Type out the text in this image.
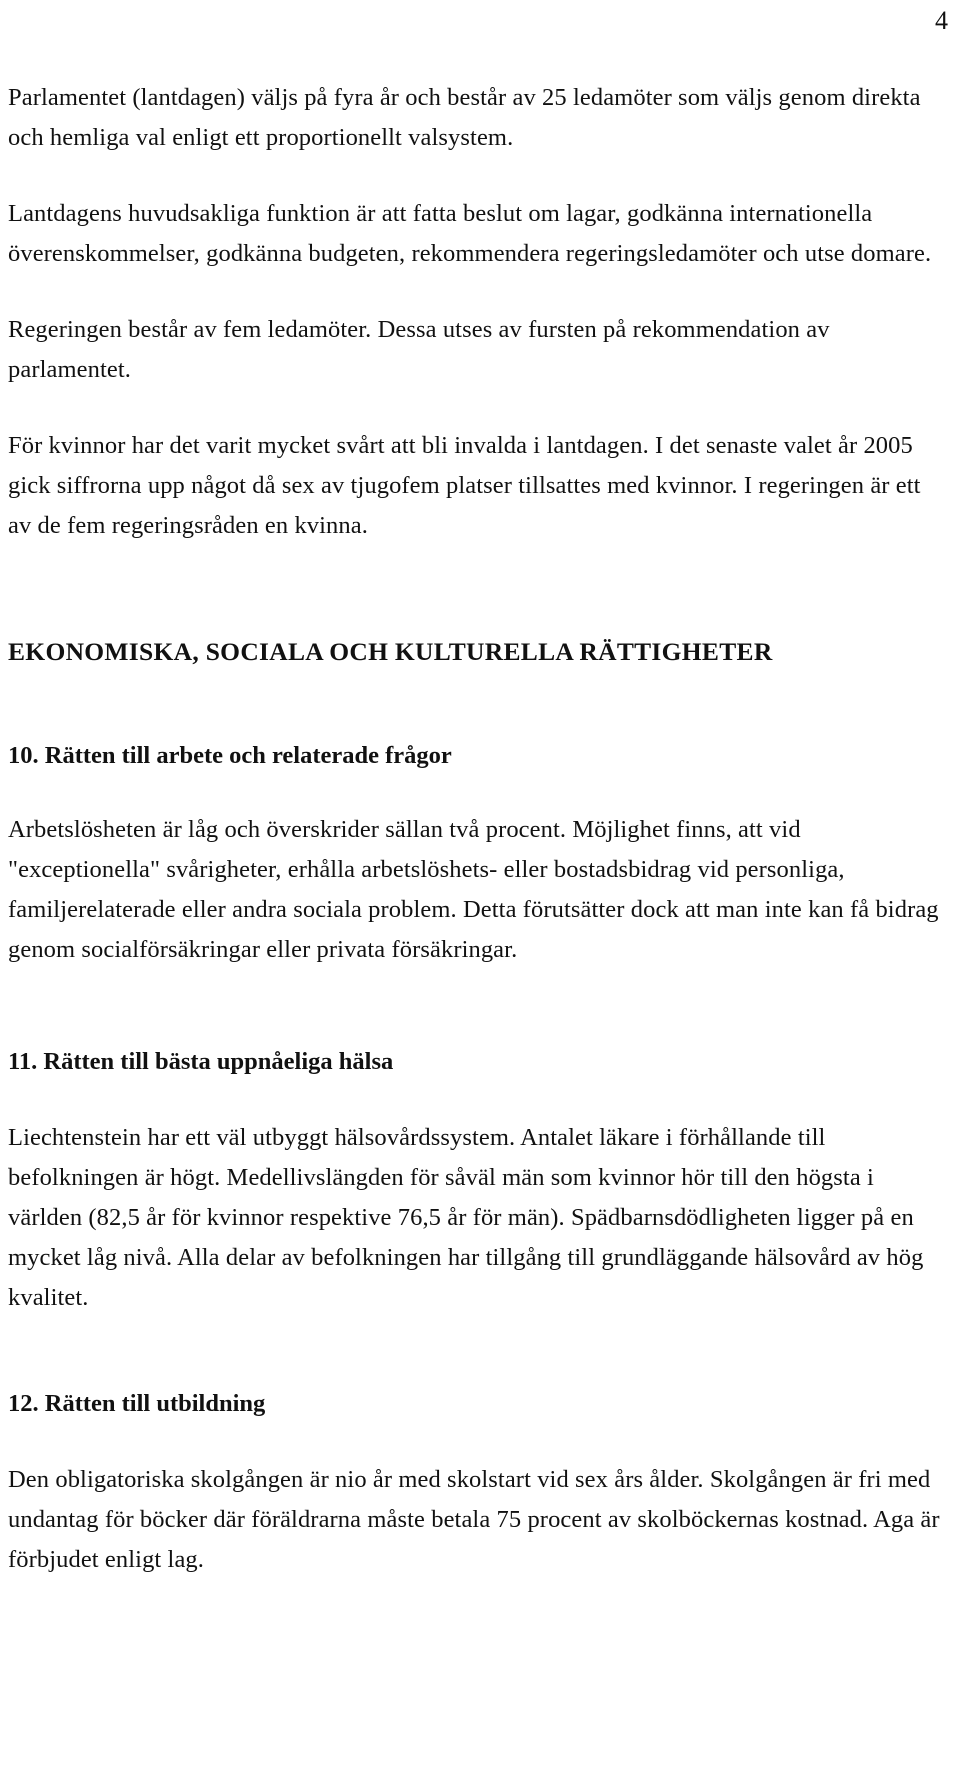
4

Parlamentet (lantdagen) väljs på fyra år och består av 25 ledamöter som väljs genom direkta och hemliga val enligt ett proportionellt valsystem.

Lantdagens huvudsakliga funktion är att fatta beslut om lagar, godkänna internationella överenskommelser, godkänna budgeten, rekommendera regeringsledamöter och utse domare.

Regeringen består av fem ledamöter. Dessa utses av fursten på rekommendation av parlamentet.

För kvinnor har det varit mycket svårt att bli invalda i lantdagen. I det senaste valet år 2005 gick siffrorna upp något då sex av tjugofem platser tillsattes med kvinnor. I regeringen är ett av de fem regeringsråden en kvinna.

EKONOMISKA, SOCIALA OCH KULTURELLA RÄTTIGHETER
10. Rätten till arbete och relaterade frågor

Arbetslösheten är låg och överskrider sällan två procent. Möjlighet finns, att vid "exceptionella" svårigheter, erhålla arbetslöshets- eller bostadsbidrag vid personliga, familjerelaterade eller andra sociala problem. Detta förutsätter dock att man inte kan få bidrag genom socialförsäkringar eller privata försäkringar.

11. Rätten till bästa uppnåeliga hälsa

Liechtenstein har ett väl utbyggt hälsovårdssystem. Antalet läkare i förhållande till befolkningen är högt. Medellivslängden för såväl män som kvinnor hör till den högsta i världen (82,5 år för kvinnor respektive 76,5 år för män). Spädbarnsdödligheten ligger på en mycket låg nivå. Alla delar av befolkningen har tillgång till grundläggande hälsovård av hög kvalitet.

12. Rätten till utbildning

Den obligatoriska skolgången är nio år med skolstart vid sex års ålder. Skolgången är fri med undantag för böcker där föräldrarna måste betala 75 procent av skolböckernas kostnad. Aga är förbjudet enligt lag.
